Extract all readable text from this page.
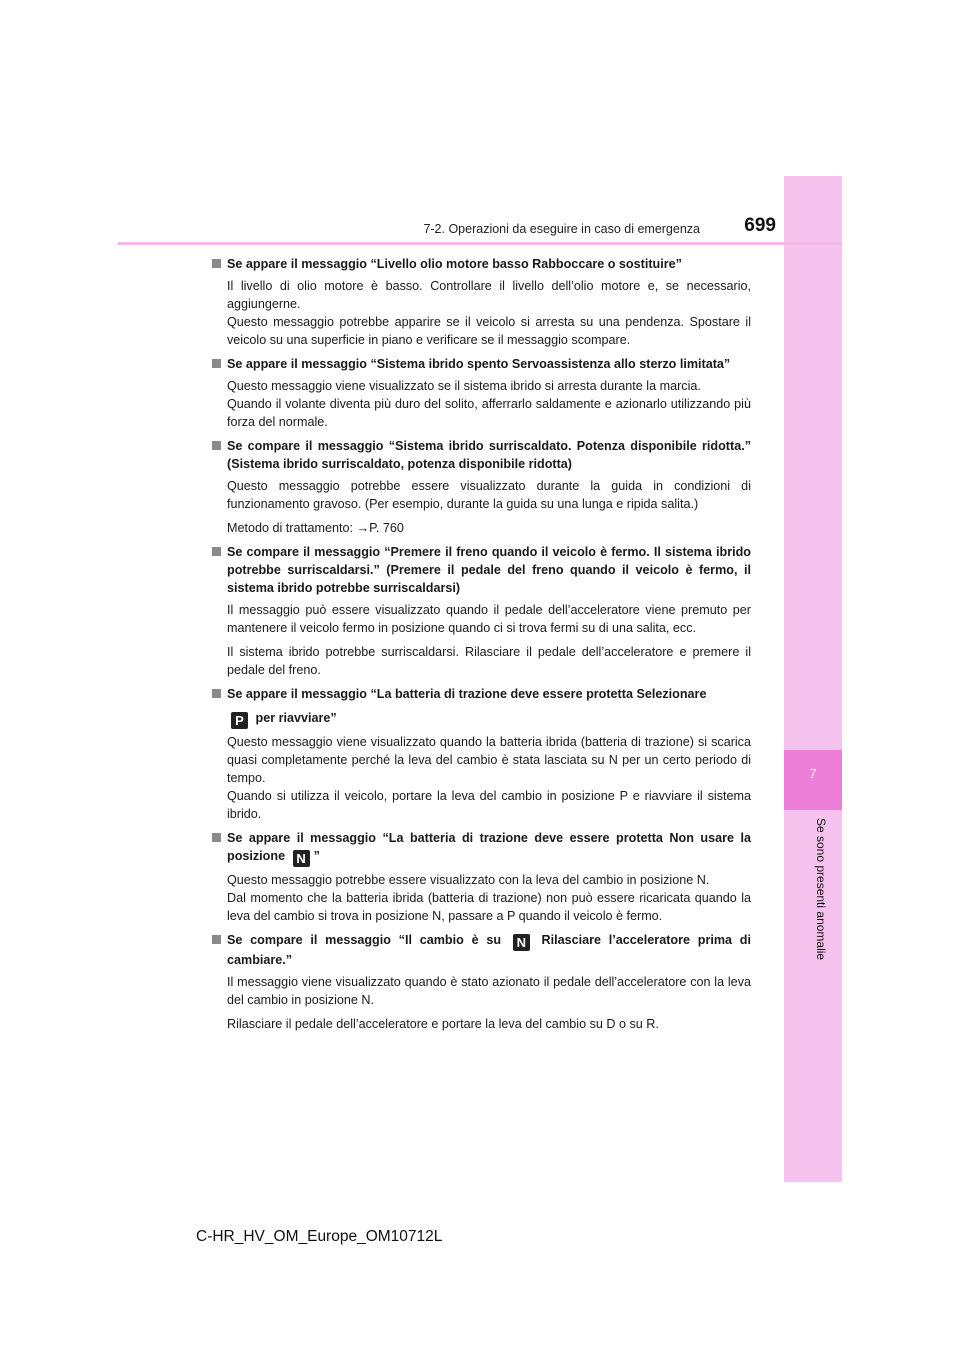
7
Se sono presenti anomalie
7-2. Operazioni da eseguire in caso di emergenza	699
Se appare il messaggio “Livello olio motore basso Rabboccare o sostituire”
Il livello di olio motore è basso. Controllare il livello dell’olio motore e, se necessario, aggiungerne.
Questo messaggio potrebbe apparire se il veicolo si arresta su una pendenza. Spostare il veicolo su una superficie in piano e verificare se il messaggio scompare.
Se appare il messaggio “Sistema ibrido spento Servoassistenza allo sterzo limitata”
Questo messaggio viene visualizzato se il sistema ibrido si arresta durante la marcia.
Quando il volante diventa più duro del solito, afferrarlo saldamente e azionarlo utilizzando più forza del normale.
Se compare il messaggio “Sistema ibrido surriscaldato. Potenza disponibile ridotta.” (Sistema ibrido surriscaldato, potenza disponibile ridotta)
Questo messaggio potrebbe essere visualizzato durante la guida in condizioni di funzionamento gravoso. (Per esempio, durante la guida su una lunga e ripida salita.)
Metodo di trattamento: →P. 760
Se compare il messaggio “Premere il freno quando il veicolo è fermo. Il sistema ibrido potrebbe surriscaldarsi.” (Premere il pedale del freno quando il veicolo è fermo, il sistema ibrido potrebbe surriscaldarsi)
Il messaggio può essere visualizzato quando il pedale dell’acceleratore viene premuto per mantenere il veicolo fermo in posizione quando ci si trova fermi su di una salita, ecc.
Il sistema ibrido potrebbe surriscaldarsi. Rilasciare il pedale dell’acceleratore e premere il pedale del freno.
Se appare il messaggio “La batteria di trazione deve essere protetta Selezionare
P per riavviare”
Questo messaggio viene visualizzato quando la batteria ibrida (batteria di trazione) si scarica quasi completamente perché la leva del cambio è stata lasciata su N per un certo periodo di tempo.
Quando si utilizza il veicolo, portare la leva del cambio in posizione P e riavviare il sistema ibrido.
Se appare il messaggio “La batteria di trazione deve essere protetta Non usare la posizione N ”
Questo messaggio potrebbe essere visualizzato con la leva del cambio in posizione N.
Dal momento che la batteria ibrida (batteria di trazione) non può essere ricaricata quando la leva del cambio si trova in posizione N, passare a P quando il veicolo è fermo.
Se compare il messaggio “Il cambio è su N Rilasciare l’acceleratore prima di cambiare.”
Il messaggio viene visualizzato quando è stato azionato il pedale dell’acceleratore con la leva del cambio in posizione N.
Rilasciare il pedale dell’acceleratore e portare la leva del cambio su D o su R.
C-HR_HV_OM_Europe_OM10712L
